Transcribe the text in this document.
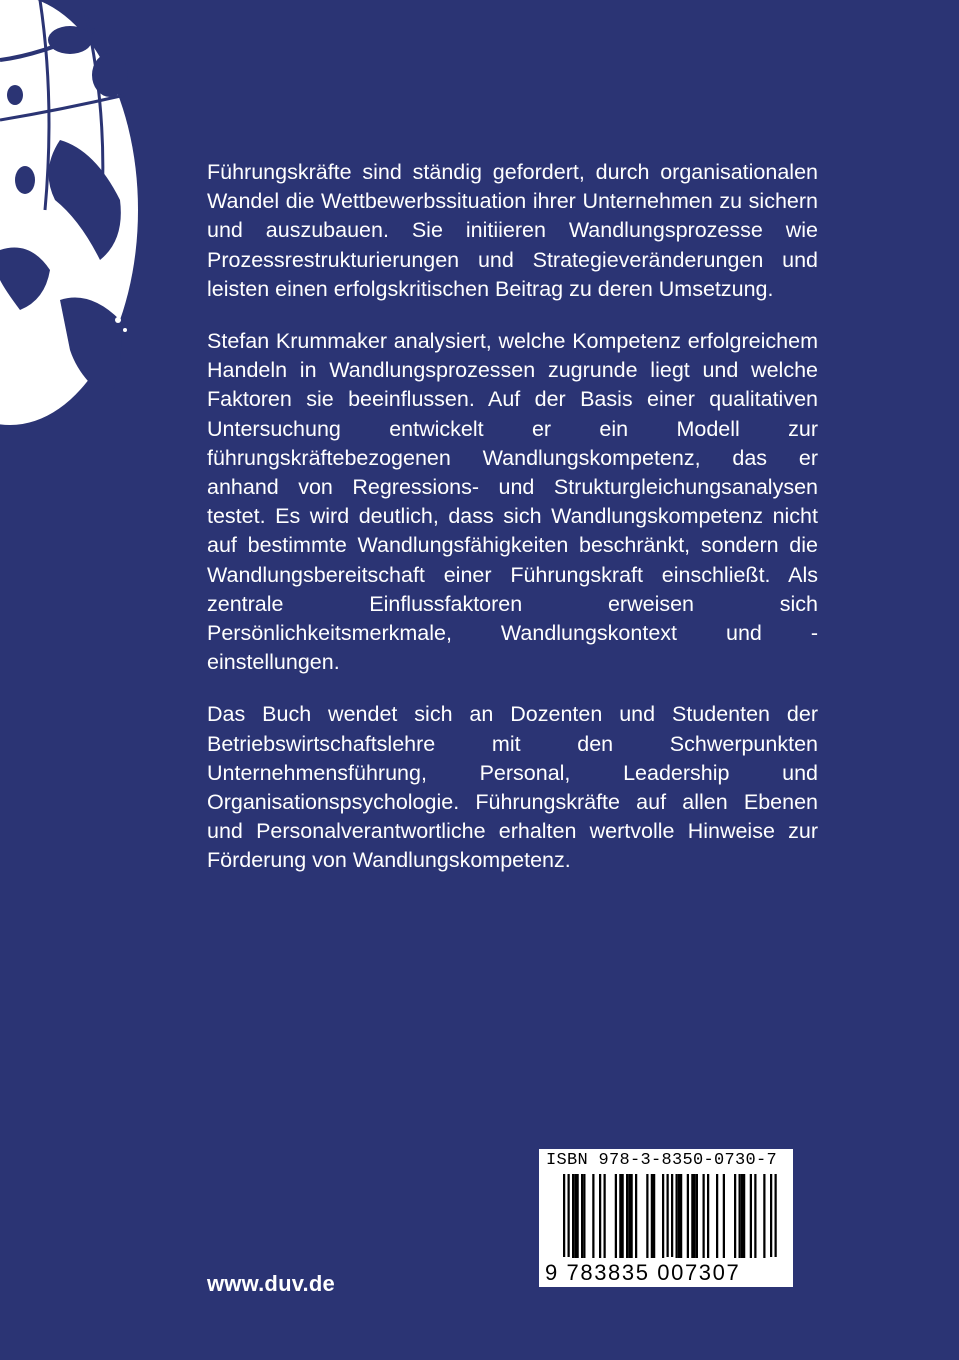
Führungskräfte sind ständig gefordert, durch organisationalen Wandel die Wettbewerbssituation ihrer Unternehmen zu sichern und auszubauen. Sie initiieren Wandlungsprozesse wie Prozessrestrukturierungen und Strategieveränderungen und leisten einen erfolgskritischen Beitrag zu deren Umsetzung.

Stefan Krummaker analysiert, welche Kompetenz erfolgreichem Handeln in Wandlungsprozessen zugrunde liegt und welche Faktoren sie beeinflussen. Auf der Basis einer qualitativen Untersuchung entwickelt er ein Modell zur führungskräftebezogenen Wandlungskompetenz, das er anhand von Regressions- und Strukturgleichungsanalysen testet. Es wird deutlich, dass sich Wandlungskompetenz nicht auf bestimmte Wandlungsfähigkeiten beschränkt, sondern die Wandlungsbereitschaft einer Führungskraft einschließt. Als zentrale Einflussfaktoren erweisen sich Persönlichkeitsmerkmale, Wandlungskontext und -einstellungen.

Das Buch wendet sich an Dozenten und Studenten der Betriebswirtschaftslehre mit den Schwerpunkten Unternehmensführung, Personal, Leadership und Organisationspsychologie. Führungskräfte auf allen Ebenen und Personalverantwortliche erhalten wertvolle Hinweise zur Förderung von Wandlungskompetenz.

www.duv.de
ISBN 978-3-8350-0730-7
9 783835 007307
